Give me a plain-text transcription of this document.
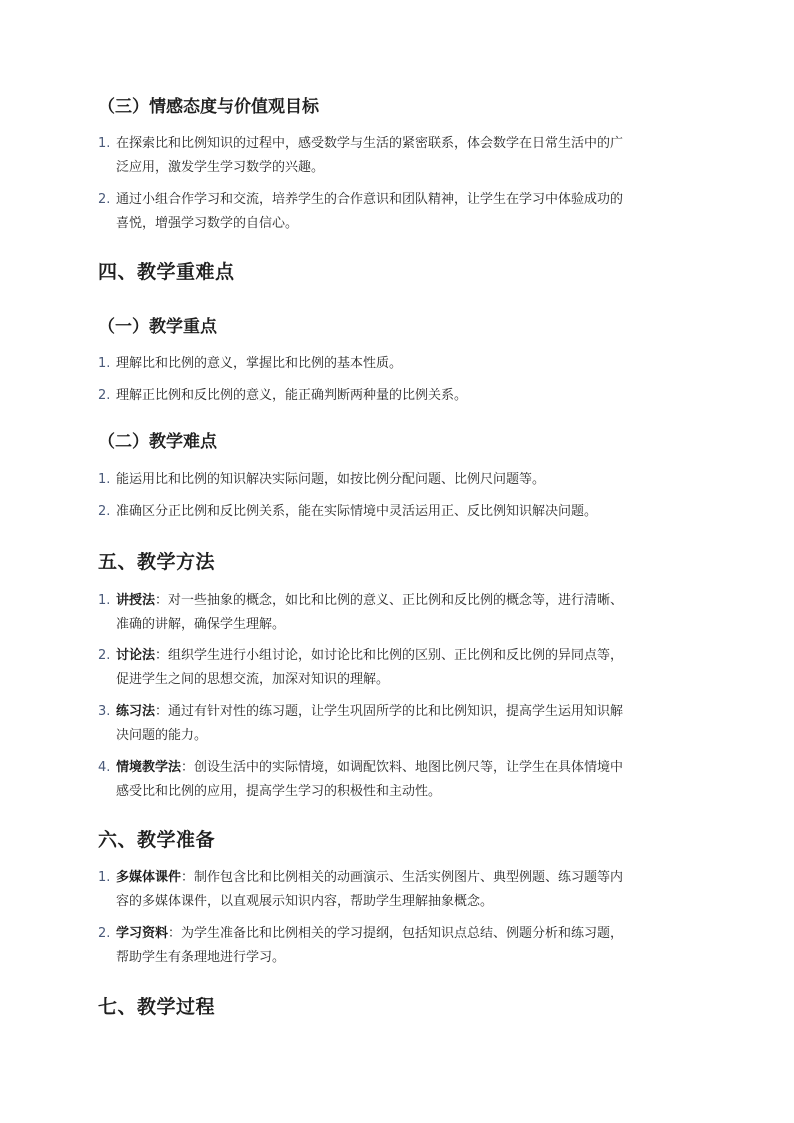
（三）情感态度与价值观目标
1. 在探索比和比例知识的过程中，感受数学与生活的紧密联系，体会数学在日常生活中的广
泛应用，激发学生学习数学的兴趣。
2. 通过小组合作学习和交流，培养学生的合作意识和团队精神，让学生在学习中体验成功的
喜悦，增强学习数学的自信心。
四、教学重难点
（一）教学重点
1. 理解比和比例的意义，掌握比和比例的基本性质。
2. 理解正比例和反比例的意义，能正确判断两种量的比例关系。
（二）教学难点
1. 能运用比和比例的知识解决实际问题，如按比例分配问题、比例尺问题等。
2. 准确区分正比例和反比例关系，能在实际情境中灵活运用正、反比例知识解决问题。
五、教学方法
1. 讲授法：对一些抽象的概念，如比和比例的意义、正比例和反比例的概念等，进行清晰、
准确的讲解，确保学生理解。
2. 讨论法：组织学生进行小组讨论，如讨论比和比例的区别、正比例和反比例的异同点等，
促进学生之间的思想交流，加深对知识的理解。
3. 练习法：通过有针对性的练习题，让学生巩固所学的比和比例知识，提高学生运用知识解
决问题的能力。
4. 情境教学法：创设生活中的实际情境，如调配饮料、地图比例尺等，让学生在具体情境中
感受比和比例的应用，提高学生学习的积极性和主动性。
六、教学准备
1. 多媒体课件：制作包含比和比例相关的动画演示、生活实例图片、典型例题、练习题等内
容的多媒体课件，以直观展示知识内容，帮助学生理解抽象概念。
2. 学习资料：为学生准备比和比例相关的学习提纲，包括知识点总结、例题分析和练习题，
帮助学生有条理地进行学习。
七、教学过程
